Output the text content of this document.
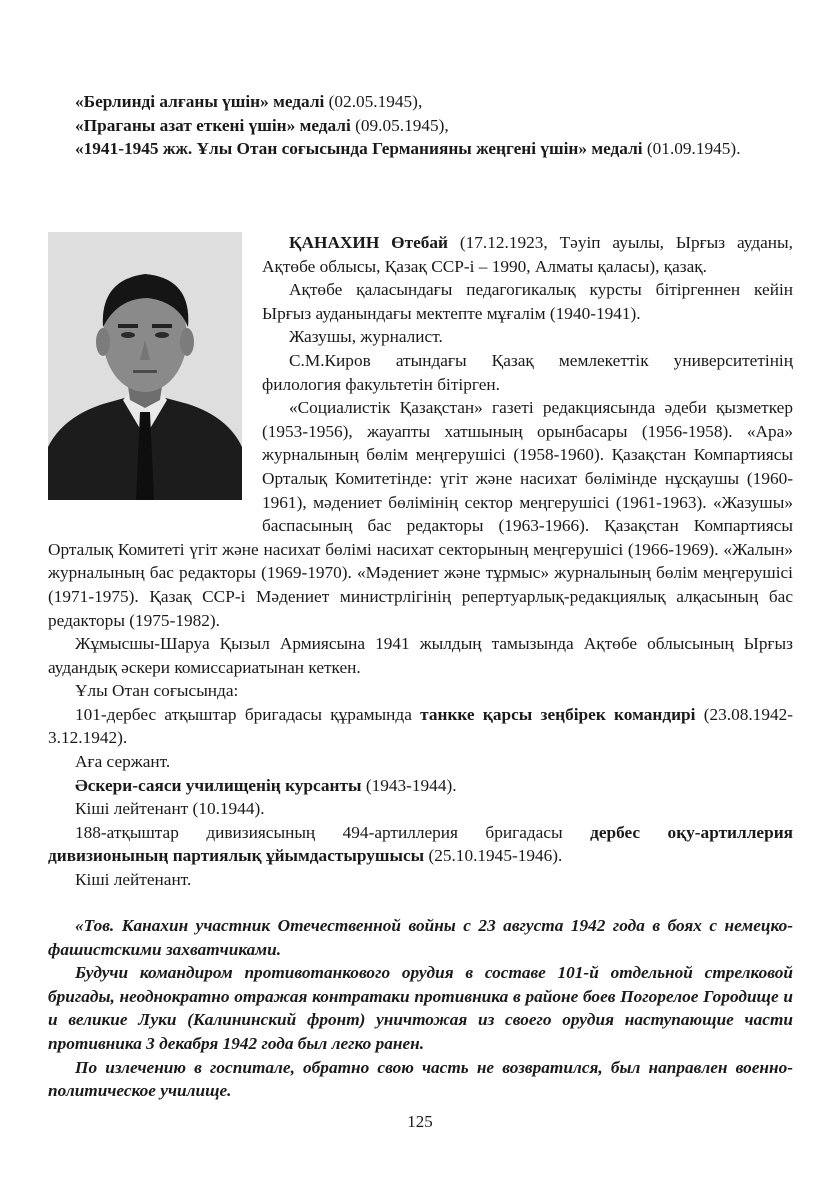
«Берлинді алғаны үшін» медалі (02.05.1945),

«Праганы азат еткені үшін» медалі (09.05.1945),

«1941-1945 жж. Ұлы Отан соғысында Германияны жеңгені үшін» медалі (01.09.1945).

ҚАНАХИН Өтебай (17.12.1923, Тәуіп ауылы, Ырғыз ауданы, Ақтөбе облысы, Қазақ ССР-і – 1990, Алматы қаласы), қазақ.

Ақтөбе қаласындағы педагогикалық курсты бітіргеннен кейін Ырғыз ауданындағы мектепте мұғалім (1940-1941).

Жазушы, журналист.

С.М.Киров атындағы Қазақ мемлекеттік университетінің филология факультетін бітірген.

«Социалистік Қазақстан» газеті редакциясында әдеби қызметкер (1953-1956), жауапты хатшының орынбасары (1956-1958). «Ара» журналының бөлім меңгерушісі (1958-1960). Қазақстан Компартиясы Орталық Комитетінде: үгіт және насихат бөлімінде нұсқаушы (1960-1961), мәдениет бөлімінің сектор меңгерушісі (1961-1963). «Жазушы» баспасының бас редакторы (1963-1966). Қазақстан Компартиясы Орталық Комитеті үгіт және насихат бөлімі насихат секторының меңгерушісі (1966-1969). «Жалын» журналының бас редакторы (1969-1970). «Мәдениет және тұрмыс» журналының бөлім меңгерушісі (1971-1975). Қазақ ССР-і Мәдениет министрлігінің репертуарлық-редакциялық алқасының бас редакторы (1975-1982).

Жұмысшы-Шаруа Қызыл Армиясына 1941 жылдың тамызында Ақтөбе облысының Ырғыз аудандық әскери комиссариатынан кеткен.

Ұлы Отан соғысында:

101-дербес атқыштар бригадасы құрамында танкке қарсы зеңбірек командирі (23.08.1942-3.12.1942).

Аға сержант.

Әскери-саяси училищенің курсанты (1943-1944).

Кіші лейтенант (10.1944).

188-атқыштар дивизиясының 494-артиллерия бригадасы дербес оқу-артиллерия дивизионының партиялық ұйымдастырушысы (25.10.1945-1946).

Кіші лейтенант.

«Тов. Канахин участник Отечественной войны с 23 августа 1942 года в боях с немецко-фашистскими захватчиками.

Будучи командиром противотанкового орудия в составе 101-й отдельной стрелковой бригады, неоднократно отражая контратаки противника в районе боев Погорелое Городище и и великие Луки (Калининский фронт) уничтожая из своего орудия наступающие части противника 3 декабря 1942 года был легко ранен.

По излечению в госпитале, обратно свою часть не возвратился, был направлен военно-политическое училище.

125
